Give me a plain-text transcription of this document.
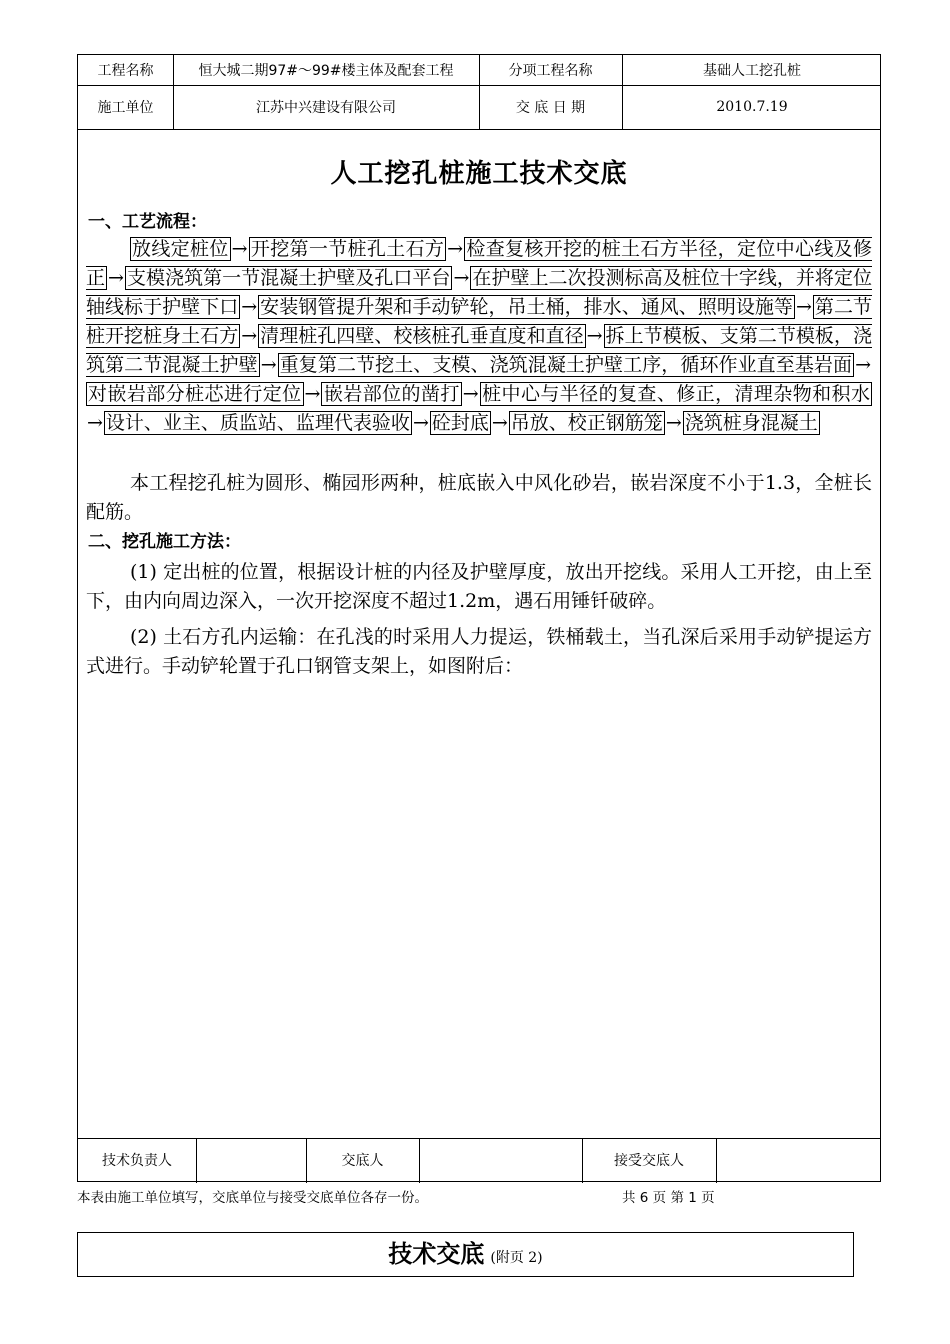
工程名称	恒大城二期97#～99#楼主体及配套工程	分项工程名称	基础人工挖孔桩
施工单位	江苏中兴建设有限公司	交 底 日 期	2010.7.19
人工挖孔桩施工技术交底
一、工艺流程：
放线定桩位 → 开挖第一节桩孔土石方 → 检查复核开挖的桩土石方半径，定位中心线及修正 → 支模浇筑第一节混凝土护壁及孔口平台 → 在护壁上二次投测标高及桩位十字线，并将定位轴线标于护壁下口 → 安装钢管提升架和手动铲轮，吊土桶，排水、通风、照明设施等 → 第二节桩开挖桩身土石方 → 清理桩孔四壁、校核桩孔垂直度和直径 → 拆上节模板、支第二节模板，浇筑第二节混凝土护壁 → 重复第二节挖土、支模、浇筑混凝土护壁工序，循环作业直至基岩面 →对嵌岩部分桩芯进行定位 → 嵌岩部位的凿打 → 桩中心与半径的复查、修正，清理杂物和积水→ 设计、业主、质监站、监理代表验收 → 砼封底 → 吊放、校正钢筋笼 → 浇筑桩身混凝土
本工程挖孔桩为圆形、椭园形两种，桩底嵌入中风化砂岩，嵌岩深度不小于1.3，全桩长配筋。
二、挖孔施工方法：
(1) 定出桩的位置，根据设计桩的内径及护壁厚度，放出开挖线。采用人工开挖，由上至下，由内向周边深入，一次开挖深度不超过1.2m，遇石用锤钎破碎。
(2) 土石方孔内运输：在孔浅的时采用人力提运，铁桶载土，当孔深后采用手动铲提运方式进行。手动铲轮置于孔口钢管支架上，如图附后：
技术负责人	交底人	接受交底人
本表由施工单位填写，交底单位与接受交底单位各存一份。	共 6 页 第 1 页
技术交底 (附页 2)
